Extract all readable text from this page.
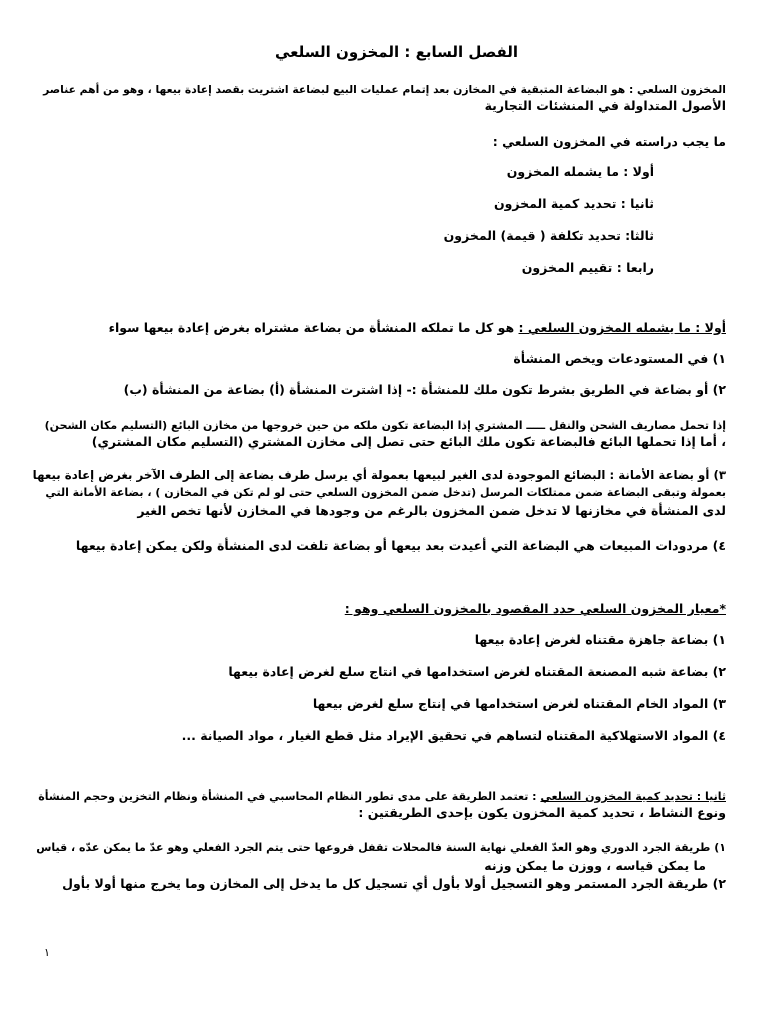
الفصل السابع : المخزون السلعي

المخزون السلعي : هو البضاعة المتبقية في المخازن بعد إتمام عمليات البيع لبضاعة اشتريت بقصد إعادة بيعها ، وهو من أهم عناصر

الأصول المتداولة في المنشئات التجارية

ما يجب دراسته في المخزون السلعي :

أولا : ما يشمله المخزون

ثانيا : تحديد كمية المخزون

ثالثا: تحديد تكلفة ( قيمة) المخزون

رابعا : تقييم المخزون

أولا : ما يشمله المخزون السلعي : هو كل ما تملكه المنشأة من بضاعة مشتراه بغرض إعادة بيعها سواء

١) في المستودعات ويخص المنشأة

٢) أو بضاعة في الطريق بشرط تكون ملك للمنشأة :- إذا اشترت المنشأة (أ) بضاعة من المنشأة (ب)

إذا تحمل مصاريف الشحن والنقل ـــــ المشتري إذا البضاعة تكون ملكه من حين خروجها من مخازن البائع (التسليم مكان الشحن)

، أما إذا تحملها البائع فالبضاعة تكون ملك البائع حتى تصل إلى مخازن المشتري (التسليم مكان المشتري)

٣) أو بضاعة الأمانة : البضائع الموجودة لدى الغير لبيعها بعمولة أي يرسل طرف بضاعة إلى الطرف الآخر بغرض إعادة بيعها

بعمولة وتبقى البضاعة ضمن ممتلكات المرسل (تدخل ضمن المخزون السلعي حتى لو لم تكن في المخازن ) ، بضاعة الأمانة التي

لدى المنشأة في مخازنها لا تدخل ضمن المخزون بالرغم من وجودها في المخازن لأنها تخص الغير

٤) مردودات المبيعات هي البضاعة التي أعيدت بعد بيعها أو بضاعة تلفت لدى المنشأة ولكن يمكن إعادة بيعها

*معيار المخزون السلعي حدد المقصود بالمخزون السلعي وهو :

١) بضاعة جاهزة مقتناه لغرض إعادة بيعها

٢) بضاعة شبه المصنعة المقتناه لغرض استخدامها في انتاج سلع لغرض إعادة بيعها

٣) المواد الخام المقتناه لغرض استخدامها في إنتاج سلع لغرض بيعها

٤) المواد الاستهلاكية المقتناه لتساهم في تحقيق الإيراد مثل قطع الغيار ، مواد الصيانة ...

ثانيا : تحديد كمية المخزون السلعي : تعتمد الطريقة على مدى تطور النظام المحاسبي في المنشأة ونظام التخزين وحجم المنشأة

ونوع النشاط ، تحديد كمية المخزون يكون بإحدى الطريقتين :

١) طريقة الجرد الدوري وهو العدّ الفعلي نهاية السنة فالمحلات تقفل فروعها حتى يتم الجرد الفعلي وهو عدّ ما يمكن عدّه ، قياس

ما يمكن قياسه ، ووزن ما يمكن وزنه

٢) طريقة الجرد المستمر وهو التسجيل أولا بأول أي تسجيل كل ما يدخل إلى المخازن وما يخرج منها أولا بأول

١
